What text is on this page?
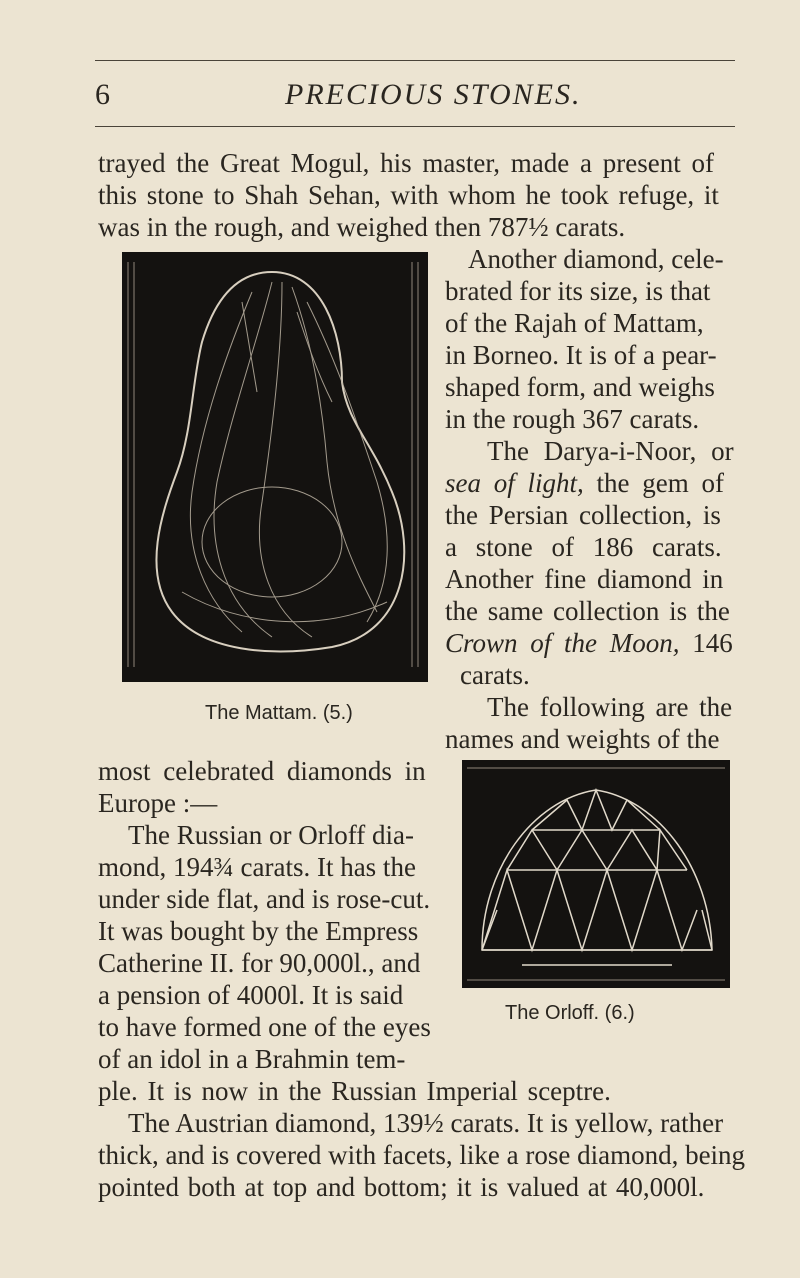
6	PRECIOUS STONES.
trayed the Great Mogul, his master, made a present of
this stone to Shah Sehan, with whom he took refuge, it
was in the rough, and weighed then 787½ carats.
Another diamond, cele-
brated for its size, is that
of the Rajah of Mattam,
in Borneo. It is of a pear-
shaped form, and weighs
in the rough 367 carats.
The Darya-i-Noor, or
sea of light, the gem of
the Persian collection, is
a stone of 186 carats.
Another fine diamond in
the same collection is the
Crown of the Moon, 146
carats.
The following are the
The Mattam. (5.)
names and weights of the
most celebrated diamonds in
Europe :—
The Russian or Orloff dia-
mond, 194¾ carats. It has the
under side flat, and is rose-cut.
It was bought by the Empress
Catherine II. for 90,000l., and
a pension of 4000l. It is said
to have formed one of the eyes
of an idol in a Brahmin tem-
The Orloff. (6.)
ple. It is now in the Russian Imperial sceptre.
The Austrian diamond, 139½ carats. It is yellow, rather
thick, and is covered with facets, like a rose diamond, being
pointed both at top and bottom; it is valued at 40,000l.
